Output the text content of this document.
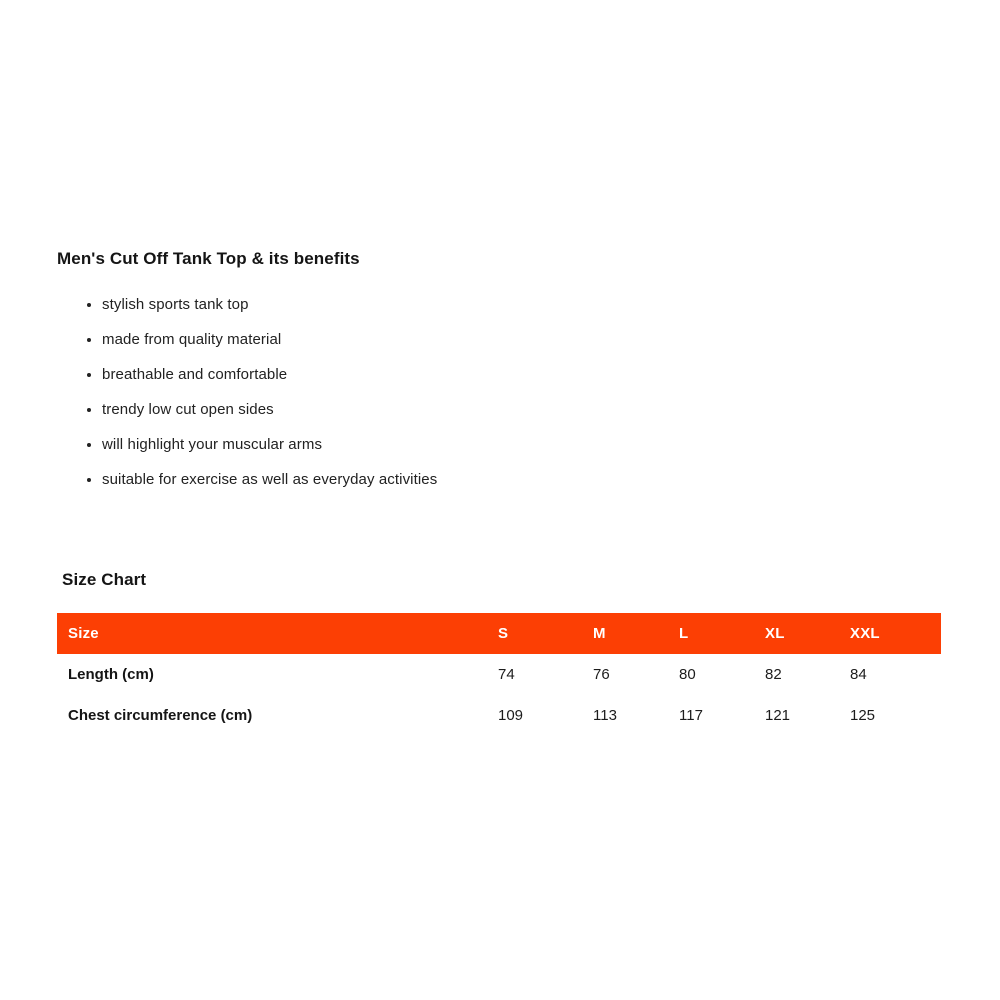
Men's Cut Off Tank Top & its benefits
• stylish sports tank top
• made from quality material
• breathable and comfortable
• trendy low cut open sides
• will highlight your muscular arms
• suitable for exercise as well as everyday activities
Size Chart
Size	S	M	L	XL	XXL
Length (cm)	74	76	80	82	84
Chest circumference (cm)	109	113	117	121	125
